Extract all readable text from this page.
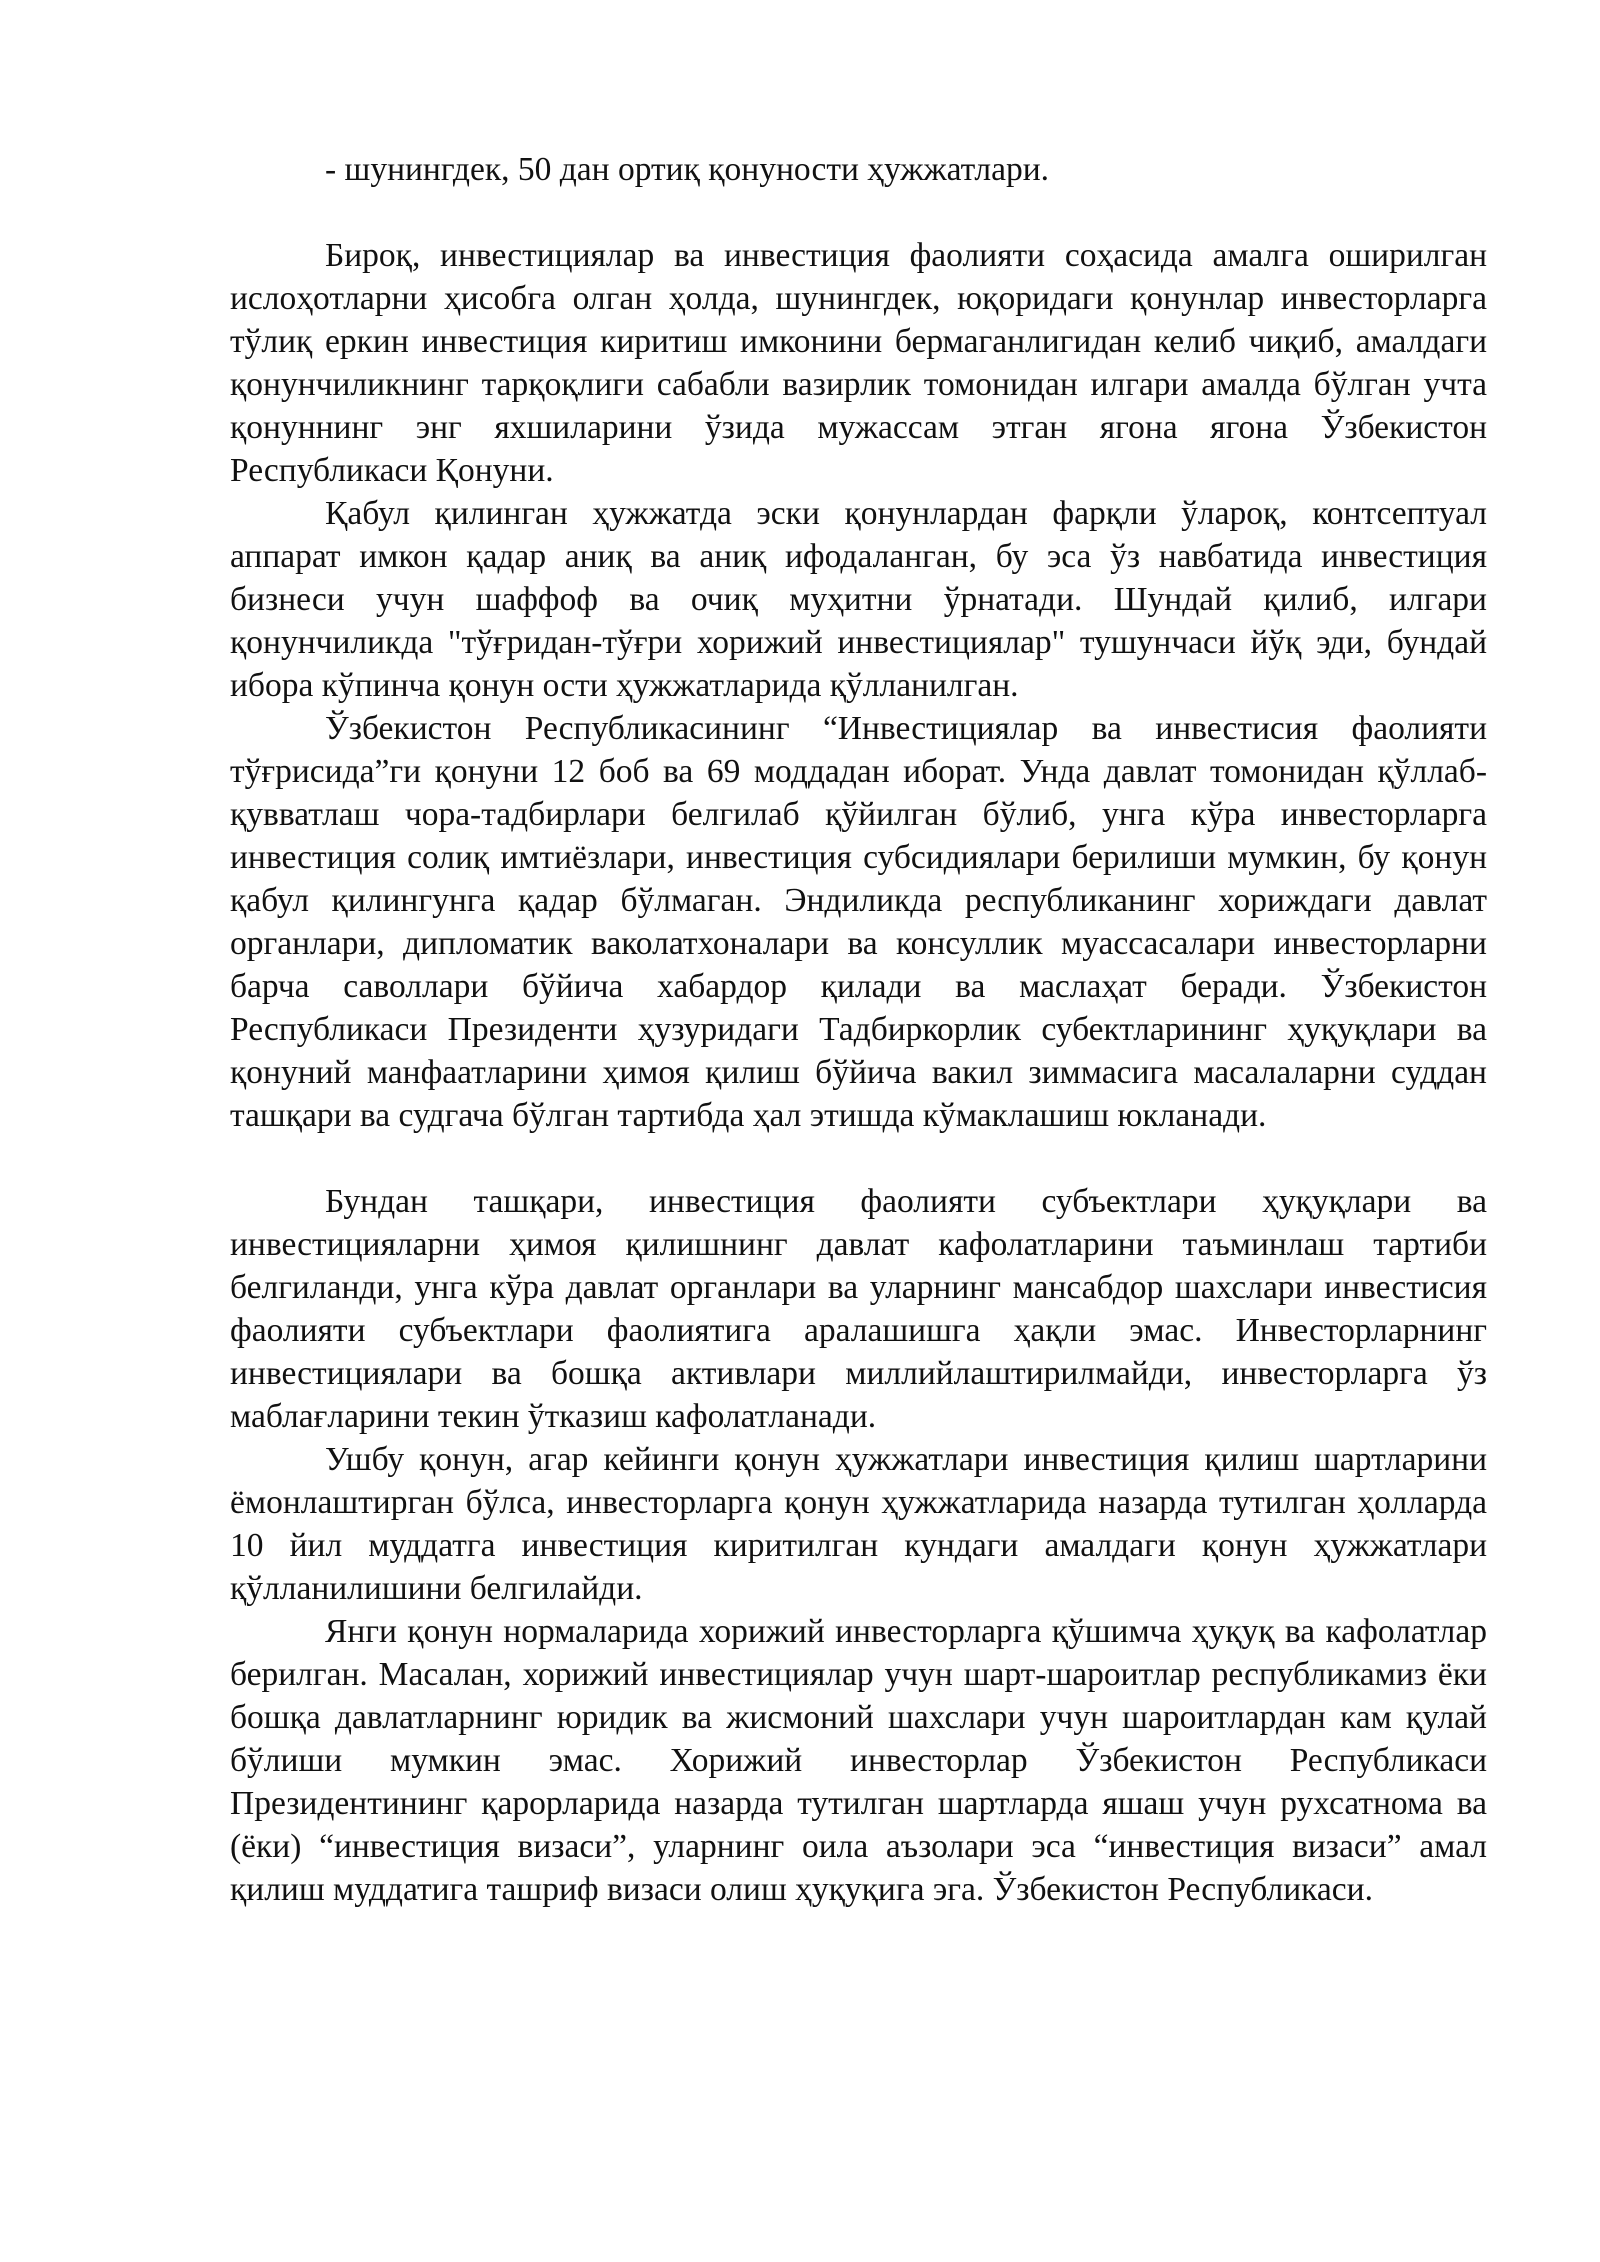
- шунингдек, 50 дан ортиқ қонуности ҳужжатлари.

Бироқ, инвестициялар ва инвестиция фаолияти соҳасида амалга оширилган ислоҳотларни ҳисобга олган ҳолда, шунингдек, юқоридаги қонунлар инвесторларга тўлиқ еркин инвестиция киритиш имконини бермаганлигидан келиб чиқиб, амалдаги қонунчиликнинг тарқоқлиги сабабли вазирлик томонидан илгари амалда бўлган учта қонуннинг энг яхшиларини ўзида мужассам этган ягона ягона Ўзбекистон Республикаси Қонуни.

Қабул қилинган ҳужжатда эски қонунлардан фарқли ўлароқ, контсептуал аппарат имкон қадар аниқ ва аниқ ифодаланган, бу эса ўз навбатида инвестиция бизнеси учун шаффоф ва очиқ муҳитни ўрнатади. Шундай қилиб, илгари қонунчиликда "тўғридан-тўғри хорижий инвестициялар" тушунчаси йўқ эди, бундай ибора кўпинча қонун ости ҳужжатларида қўлланилган.

Ўзбекистон Республикасининг “Инвестициялар ва инвестисия фаолияти тўғрисида”ги қонуни 12 боб ва 69 моддадан иборат. Унда давлат томонидан қўллаб-қувватлаш чора-тадбирлари белгилаб қўйилган бўлиб, унга кўра инвесторларга инвестиция солиқ имтиёзлари, инвестиция субсидиялари берилиши мумкин, бу қонун қабул қилингунга қадар бўлмаган. Эндиликда республиканинг хориждаги давлат органлари, дипломатик ваколатхоналари ва консуллик муассасалари инвесторларни барча саволлари бўйича хабардор қилади ва маслаҳат беради. Ўзбекистон Республикаси Президенти ҳузуридаги Тадбиркорлик субектларининг ҳуқуқлари ва қонуний манфаатларини ҳимоя қилиш бўйича вакил зиммасига масалаларни суддан ташқари ва судгача бўлган тартибда ҳал этишда кўмаклашиш юкланади.

Бундан ташқари, инвестиция фаолияти субъектлари ҳуқуқлари ва инвестицияларни ҳимоя қилишнинг давлат кафолатларини таъминлаш тартиби белгиланди, унга кўра давлат органлари ва уларнинг мансабдор шахслари инвестисия фаолияти субъектлари фаолиятига аралашишга ҳақли эмас. Инвесторларнинг инвестициялари ва бошқа активлари миллийлаштирилмайди, инвесторларга ўз маблағларини текин ўтказиш кафолатланади.

Ушбу қонун, агар кейинги қонун ҳужжатлари инвестиция қилиш шартларини ёмонлаштирган бўлса, инвесторларга қонун ҳужжатларида назарда тутилган ҳолларда 10 йил муддатга инвестиция киритилган кундаги амалдаги қонун ҳужжатлари қўлланилишини белгилайди.

Янги қонун нормаларида хорижий инвесторларга қўшимча ҳуқуқ ва кафолатлар берилган. Масалан, хорижий инвестициялар учун шарт-шароитлар республикамиз ёки бошқа давлатларнинг юридик ва жисмоний шахслари учун шароитлардан кам қулай бўлиши мумкин эмас. Хорижий инвесторлар Ўзбекистон Республикаси Президентининг қарорларида назарда тутилган шартларда яшаш учун рухсатнома ва (ёки) “инвестиция визаси”, уларнинг оила аъзолари эса “инвестиция визаси” амал қилиш муддатига ташриф визаси олиш ҳуқуқига эга. Ўзбекистон Республикаси.
